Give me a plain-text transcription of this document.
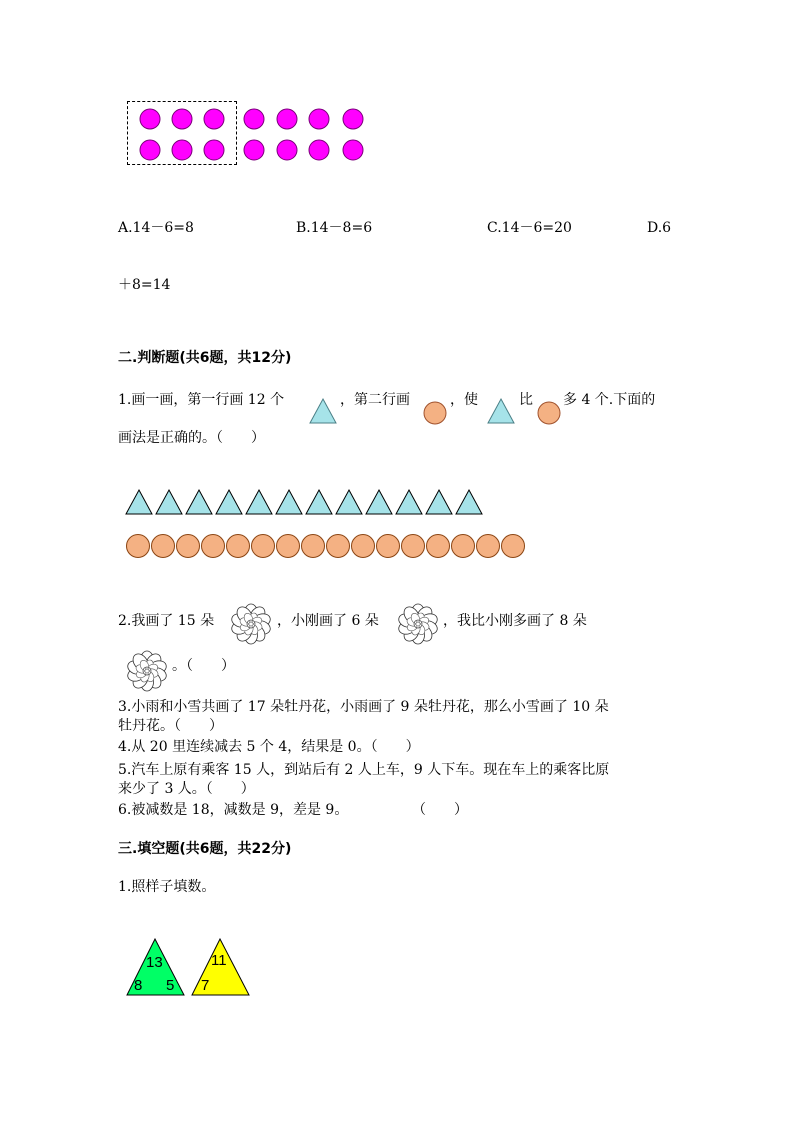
A.14－6=8	B.14－8=6	C.14－6=20	D.6
＋8=14
二.判断题(共6题，共12分)
1.画一画，第一行画 12 个	，第二行画	，使	比 多 4 个.下面的
画法是正确的。（　　）
2.我画了 15 朵	，小刚画了 6 朵	，我比小刚多画了 8 朵
。（　　）
3.小雨和小雪共画了 17 朵牡丹花，小雨画了 9 朵牡丹花，那么小雪画了 10 朵
牡丹花。（　　）
4.从 20 里连续减去 5 个 4，结果是 0。（　　）
5.汽车上原有乘客 15 人，到站后有 2 人上车，9 人下车。现在车上的乘客比原
来少了 3 人。（　　）
6.被减数是 18，减数是 9，差是 9。	（　　）
三.填空题(共6题，共22分)
1.照样子填数。
13
8 5
11
7
